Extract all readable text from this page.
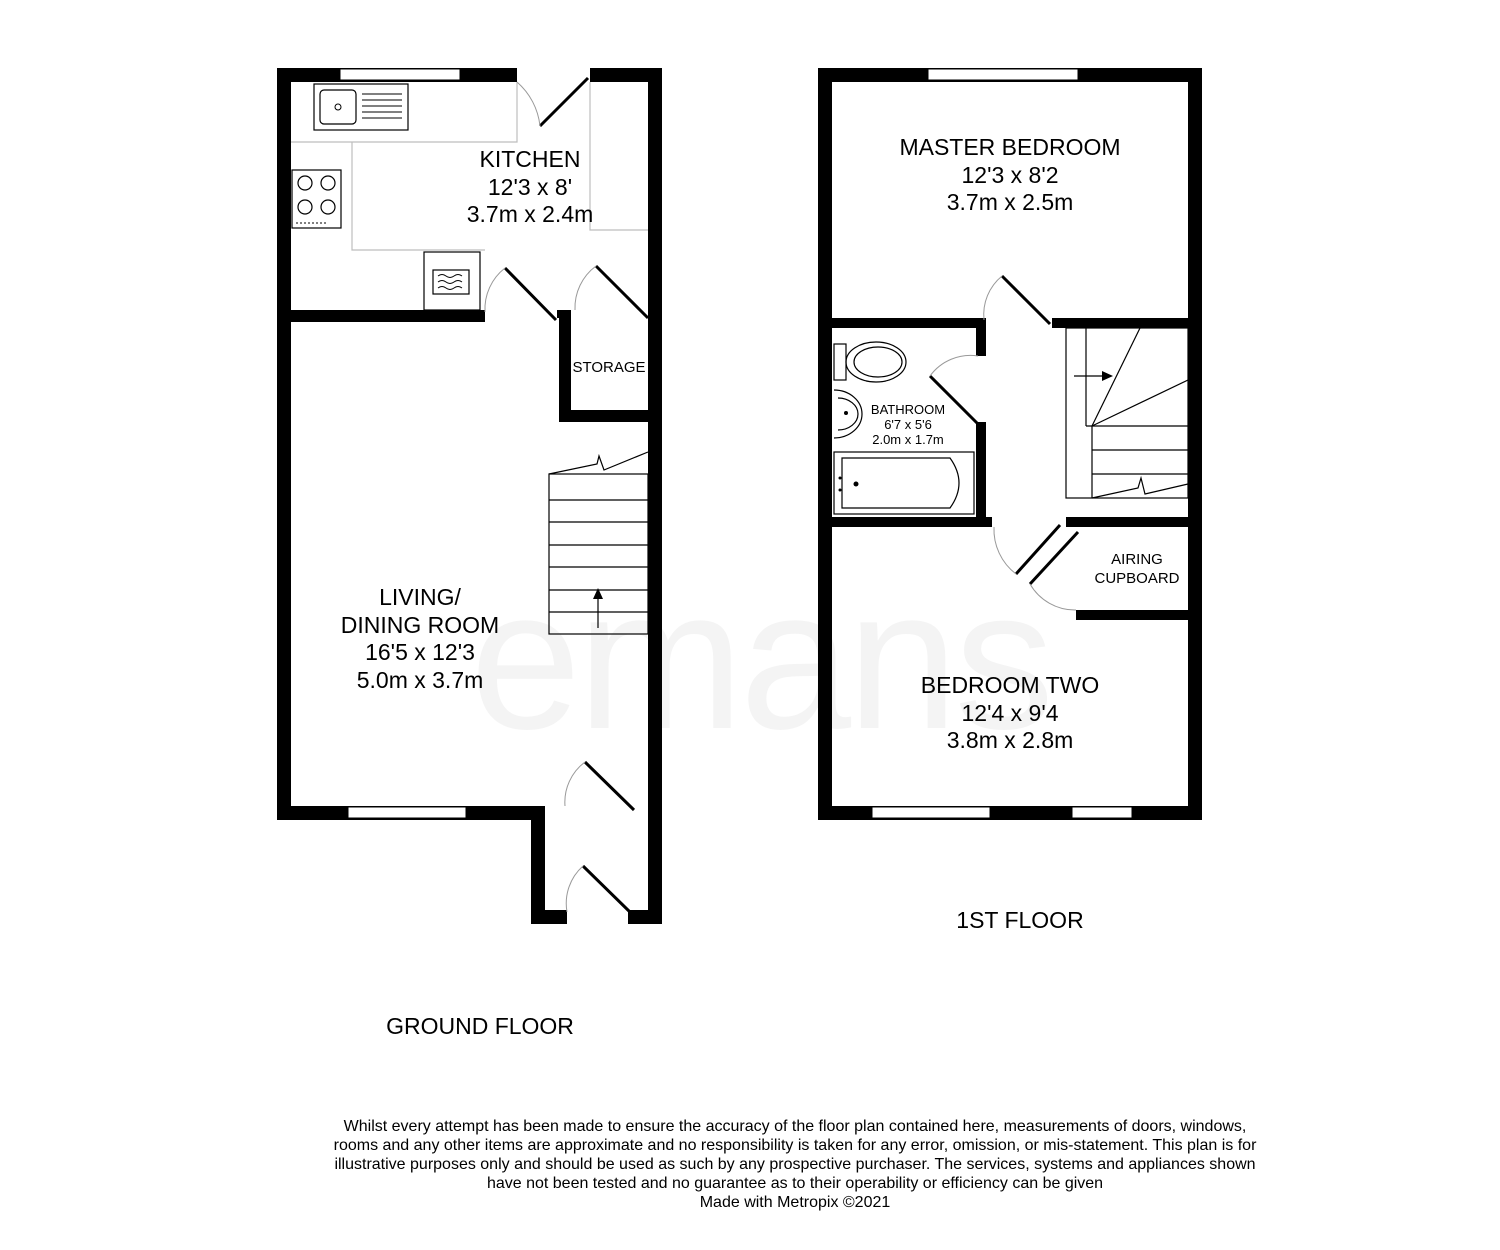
KITCHEN
12'3 x 8'
3.7m x 2.4m
STORAGE
LIVING/
DINING ROOM
16'5 x 12'3
5.0m x 3.7m
GROUND FLOOR
MASTER BEDROOM
12'3 x 8'2
3.7m x 2.5m
BATHROOM
6'7 x 5'6
2.0m x 1.7m
AIRING
CUPBOARD
BEDROOM TWO
12'4 x 9'4
3.8m x 2.8m
1ST FLOOR
Whilst every attempt has been made to ensure the accuracy of the floor plan contained here, measurements of doors, windows, rooms and any other items are approximate and no responsibility is taken for any error, omission, or mis-statement. This plan is for illustrative purposes only and should be used as such by any prospective purchaser. The services, systems and appliances shown have not been tested and no guarantee as to their operability or efficiency can be given
Made with Metropix ©2021
